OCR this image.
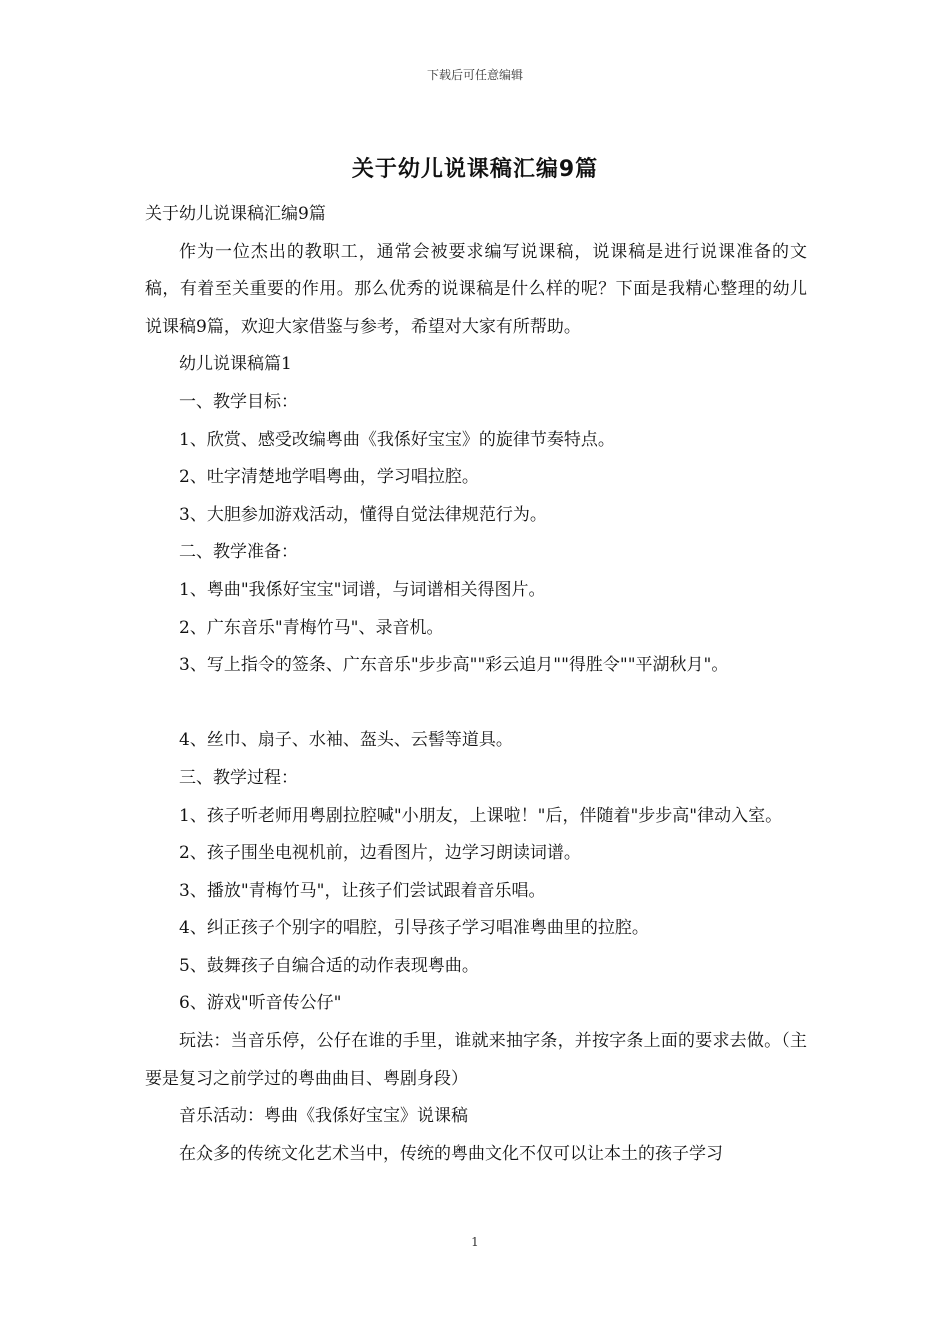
下载后可任意编辑
关于幼儿说课稿汇编9篇

关于幼儿说课稿汇编9篇

作为一位杰出的教职工，通常会被要求编写说课稿，说课稿是进行说课准备的文稿，有着至关重要的作用。那么优秀的说课稿是什么样的呢？下面是我精心整理的幼儿说课稿9篇，欢迎大家借鉴与参考，希望对大家有所帮助。

幼儿说课稿篇1

一、教学目标：

1、欣赏、感受改编粤曲《我係好宝宝》的旋律节奏特点。

2、吐字清楚地学唱粤曲，学习唱拉腔。

3、大胆参加游戏活动，懂得自觉法律规范行为。

二、教学准备：

1、粤曲"我係好宝宝"词谱，与词谱相关得图片。

2、广东音乐"青梅竹马"、录音机。

3、写上指令的签条、广东音乐"步步高""彩云追月""得胜令""平湖秋月"。

4、丝巾、扇子、水袖、盔头、云髻等道具。

三、教学过程：

1、孩子听老师用粤剧拉腔喊"小朋友，上课啦！"后，伴随着"步步高"律动入室。

2、孩子围坐电视机前，边看图片，边学习朗读词谱。

3、播放"青梅竹马"，让孩子们尝试跟着音乐唱。

4、纠正孩子个别字的唱腔，引导孩子学习唱准粤曲里的拉腔。

5、鼓舞孩子自编合适的动作表现粤曲。

6、游戏"听音传公仔"

玩法：当音乐停，公仔在谁的手里，谁就来抽字条，并按字条上面的要求去做。（主要是复习之前学过的粤曲曲目、粤剧身段）

音乐活动：粤曲《我係好宝宝》说课稿

在众多的传统文化艺术当中，传统的粤曲文化不仅可以让本土的孩子学习

1
